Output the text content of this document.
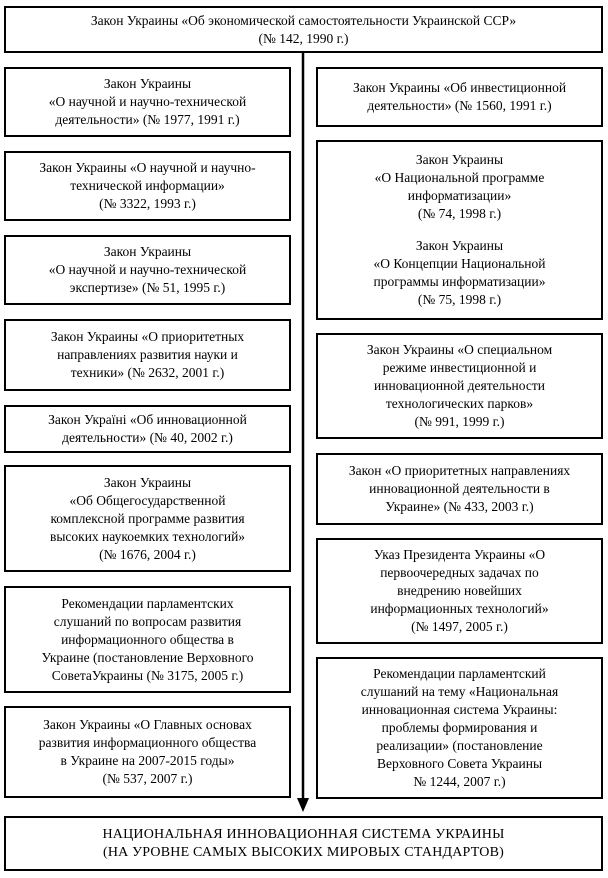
Закон Украины «Об экономической самостоятельности Украинской ССР»
(№ 142, 1990 г.)
Закон Украины
«О научной и научно-технической
деятельности» (№ 1977, 1991 г.)
Закон Украины «О научной и научно-
технической информации»
(№ 3322, 1993 г.)
Закон Украины
«О научной и научно-технической
экспертизе» (№ 51, 1995 г.)
Закон Украины «О приоритетных
направлениях развития науки и
техники» (№ 2632, 2001 г.)
Закон Україні «Об инновационной
деятельности» (№ 40, 2002 г.)
Закон Украины
«Об Общегосударственной
комплексной программе развития
высоких наукоемких технологий»
(№ 1676, 2004 г.)
Рекомендации парламентских
слушаний по вопросам развития
информационного общества в
Украине (постановление Верховного
СоветаУкраины (№ 3175, 2005 г.)
Закон Украины «О Главных основах
развития информационного общества
в Украине на 2007-2015 годы»
(№ 537, 2007 г.)
Закон Украины «Об инвестиционной
деятельности» (№ 1560, 1991 г.)
Закон Украины
«О Национальной программе
информатизации»
(№ 74, 1998 г.)
Закон Украины
«О Концепции Национальной
программы информатизации»
(№ 75, 1998 г.)
Закон Украины «О специальном
режиме инвестиционной и
инновационной деятельности
технологических парков»
(№ 991, 1999 г.)
Закон «О приоритетных направлениях
инновационной деятельности в
Украине» (№ 433, 2003 г.)
Указ Президента Украины «О
первоочередных задачах по
внедрению новейших
информационных технологий»
(№ 1497, 2005 г.)
Рекомендации парламентский
слушаний на тему «Национальная
инновационная система Украины:
проблемы формирования и
реализации» (постановление
Верховного Совета Украины
№ 1244, 2007 г.)
НАЦИОНАЛЬНАЯ ИННОВАЦИОННАЯ СИСТЕМА УКРАИНЫ
(НА УРОВНЕ САМЫХ ВЫСОКИХ МИРОВЫХ СТАНДАРТОВ)
